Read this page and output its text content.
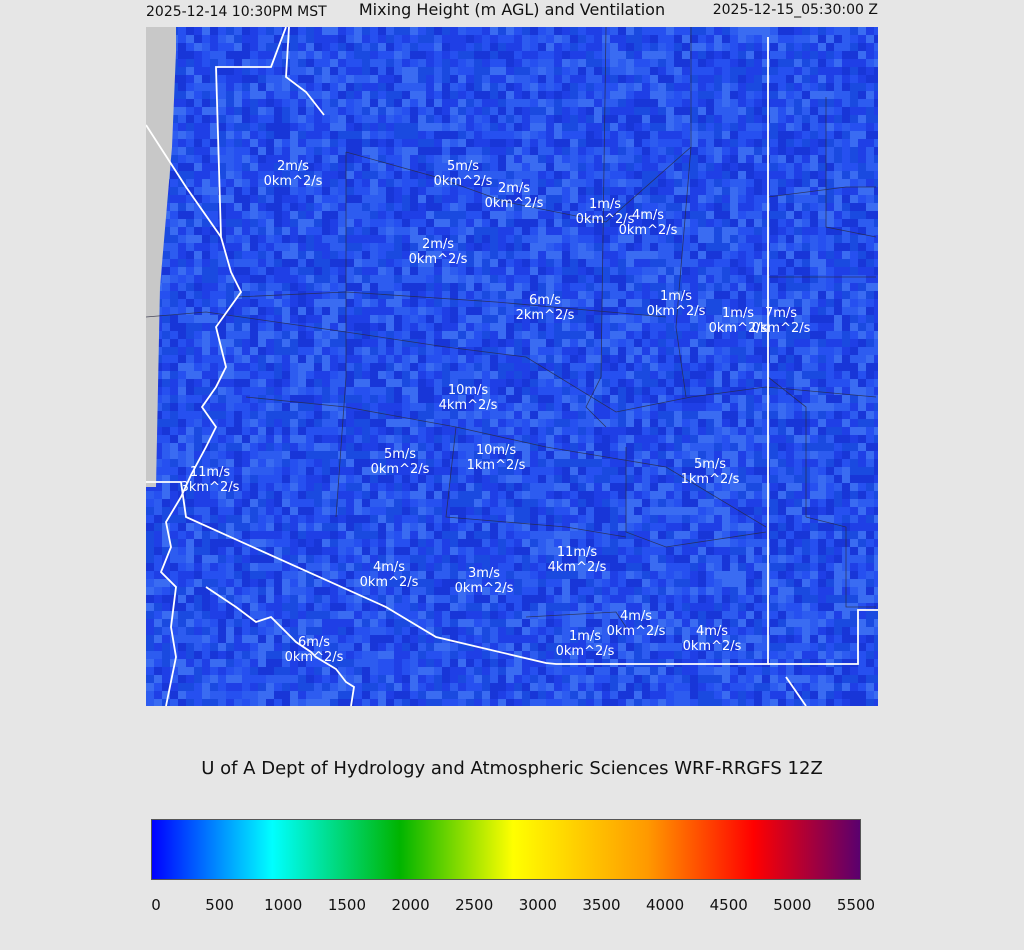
2025-12-14 10:30PM MST	Mixing Height (m AGL) and Ventilation	2025-12-15_05:30:00 Z
2m/s
0km^2/s
5m/s
0km^2/s 2m/s
0km^2/s	1m/s
0km^2/s
4m/s
0km^2/s
2m/s
0km^2/s
6m/s
2km^2/s
1m/s
0km^2/s	1m/s
0km^2/s
7m/s
0km^2/s
10m/s
4km^2/s
5m/s
0km^2/s
10m/s
1km^2/s	5m/s
1km^2/s
11m/s
3km^2/s
11m/s
4km^2/s
4m/s
0km^2/s
3m/s
0km^2/s
4m/s
0km^2/s
1m/s
0km^2/s
4m/s
0km^2/s
6m/s
0km^2/s
U of A Dept of Hydrology and Atmospheric Sciences WRF-RRGFS 12Z
0	500 1000 1500 2000 2500 3000 3500 4000 4500 5000 5500
